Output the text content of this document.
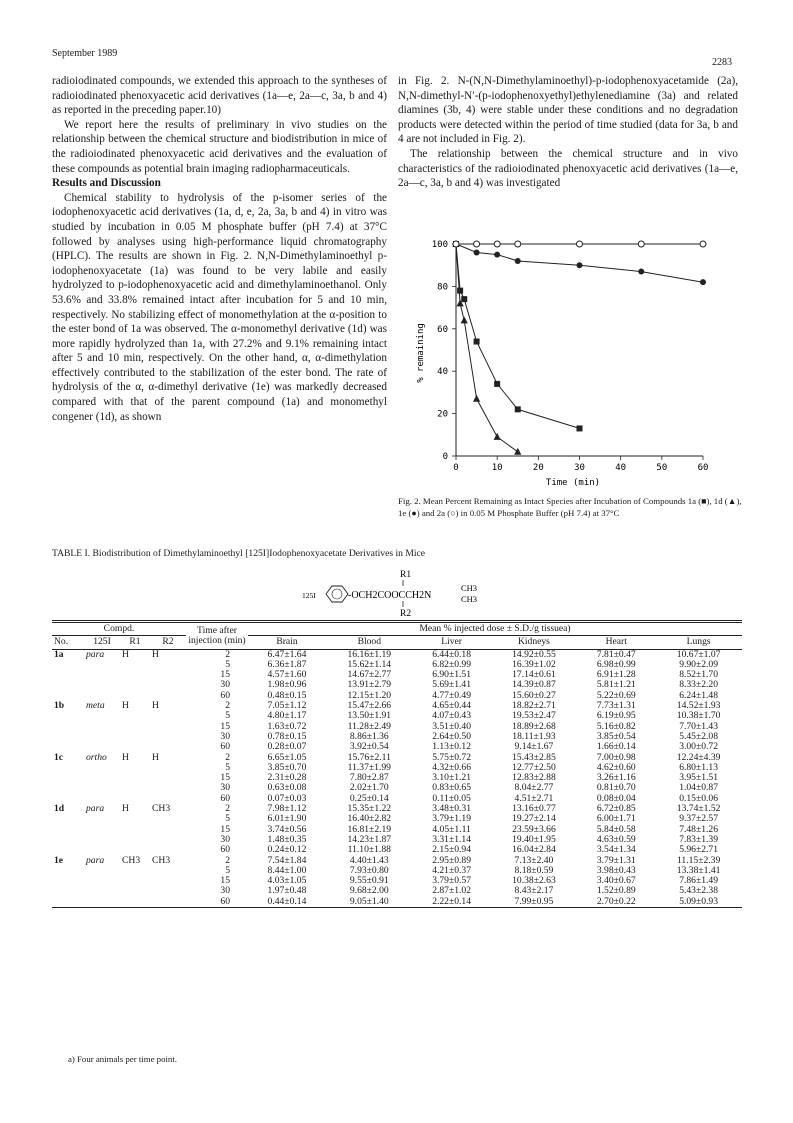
September 1989
2283

radioiodinated compounds, we extended this approach to the syntheses of radioiodinated phenoxyacetic acid derivatives (1a—e, 2a—c, 3a, b and 4) as reported in the preceding paper.10)

We report here the results of preliminary in vivo studies on the relationship between the chemical structure and biodistribution in mice of the radioiodinated phenoxyacetic acid derivatives and the evaluation of these compounds as potential brain imaging radiopharmaceuticals.

Results and Discussion

Chemical stability to hydrolysis of the p-isomer series of the iodophenoxyacetic acid derivatives (1a, d, e, 2a, 3a, b and 4) in vitro was studied by incubation in 0.05 M phosphate buffer (pH 7.4) at 37°C followed by analyses using high-performance liquid chromatography (HPLC). The results are shown in Fig. 2. N,N-Dimethylaminoethyl p-iodophenoxyacetate (1a) was found to be very labile and easily hydrolyzed to p-iodophenoxyacetic acid and dimethylaminoethanol. Only 53.6% and 33.8% remained intact after incubation for 5 and 10 min, respectively. No stabilizing effect of monomethylation at the α-position to the ester bond of 1a was observed. The α-monomethyl derivative (1d) was more rapidly hydrolyzed than 1a, with 27.2% and 9.1% remaining intact after 5 and 10 min, respectively. On the other hand, α, α-dimethylation effectively contributed to the stabilization of the ester bond. The rate of hydrolysis of the α, α-dimethyl derivative (1e) was markedly decreased compared with that of the parent compound (1a) and monomethyl congener (1d), as shown

in Fig. 2. N-(N,N-Dimethylaminoethyl)-p-iodophenoxyacetamide (2a), N,N-dimethyl-N′-(p-iodophenoxyethyl)ethylenediamine (3a) and related diamines (3b, 4) were stable under these conditions and no degradation products were detected within the period of time studied (data for 3a, b and 4 are not included in Fig. 2).

The relationship between the chemical structure and in vivo characteristics of the radioiodinated phenoxyacetic acid derivatives (1a—e, 2a—c, 3a, b and 4) was investigated

0
20
40
60
80
100
0	10	20	30	40	50	60
% remaining
Time (min)
Fig. 2. Mean Percent Remaining as Intact Species after Incubation of Compounds 1a (■), 1d (▲), 1e (●) and 2a (○) in 0.05 M Phosphate Buffer (pH 7.4) at 37°C
TABLE I. Biodistribution of Dimethylaminoethyl [125I]Iodophenoxyacetate Derivatives in Mice
R1
125I	-OCH2COOCCH2N
CH3
CH3
R2
Compd.				Time after injection (min)	Mean % injected dose ± S.D./g tissuea)					
No.	125I	R1	R2		Brain	Blood	Liver	Kidneys	Heart	Lungs
1a	para	H	H	2	6.47±1.64	16.16±1.19	6.44±0.18	14.92±0.55	7.81±0.47	10.67±1.07
				5	6.36±1.87	15.62±1.14	6.82±0.99	16.39±1.02	6.98±0.99	9.90±2.09
				15	4.57±1.60	14.67±2.77	6.90±1.51	17.14±0.61	6.91±1.28	8.52±1.70
				30	1.98±0.96	13.91±2.79	5.69±1.41	14.39±0.87	5.81±1.21	8.33±2.20
				60	0.48±0.15	12.15±1.20	4.77±0.49	15.60±0.27	5.22±0.69	6.24±1.48
1b	meta	H	H	2	7.05±1.12	15.47±2.66	4.65±0.44	18.82±2.71	7.73±1.31	14.52±1.93
				5	4.80±1.17	13.50±1.91	4.07±0.43	19.53±2.47	6.19±0.95	10.38±1.70
				15	1.63±0.72	11.28±2.49	3.51±0.40	18.89±2.68	5.16±0.82	7.70±1.43
				30	0.78±0.15	8.86±1.36	2.64±0.50	18.11±1.93	3.85±0.54	5.45±2.08
				60	0.28±0.07	3.92±0.54	1.13±0.12	9.14±1.67	1.66±0.14	3.00±0.72
1c	ortho	H	H	2	6.65±1.05	15.76±2.11	5.75±0.72	15.43±2.85	7.00±0.98	12.24±4.39
				5	3.85±0.70	11.37±1.99	4.32±0.66	12.77±2.50	4.62±0.60	6.80±1.13
				15	2.31±0.28	7.80±2.87	3.10±1.21	12.83±2.88	3.26±1.16	3.95±1.51
				30	0.63±0.08	2.02±1.70	0.83±0.65	8.04±2.77	0.81±0.70	1.04±0.87
				60	0.07±0.03	0.25±0.14	0.11±0.05	4.51±2.71	0.08±0.04	0.15±0.06
1d	para	H	CH3	2	7.98±1.12	15.35±1.22	3.48±0.31	13.16±0.77	6.72±0.85	13.74±1.52
				5	6.01±1.90	16.40±2.82	3.79±1.19	19.27±2.14	6.00±1.71	9.37±2.57
				15	3.74±0.56	16.81±2.19	4.05±1.11	23.59±3.66	5.84±0.58	7.48±1.26
				30	1.48±0.35	14.23±1.87	3.31±1.14	19.40±1.95	4.63±0.59	7.83±1.39
				60	0.24±0.12	11.10±1.88	2.15±0.94	16.04±2.84	3.54±1.34	5.96±2.71
1e	para	CH3	CH3	2	7.54±1.84	4.40±1.43	2.95±0.89	7.13±2.40	3.79±1.31	11.15±2.39
				5	8.44±1.00	7.93±0.80	4.21±0.37	8.18±0.59	3.98±0.43	13.38±1.41
				15	4.03±1.05	9.55±0.91	3.79±0.57	10.38±2.63	3.40±0.67	7.86±1.49
				30	1.97±0.48	9.68±2.00	2.87±1.02	8.43±2.17	1.52±0.89	5.43±2.38
				60	0.44±0.14	9.05±1.40	2.22±0.14	7.99±0.95	2.70±0.22	5.09±0.93
a) Four animals per time point.
